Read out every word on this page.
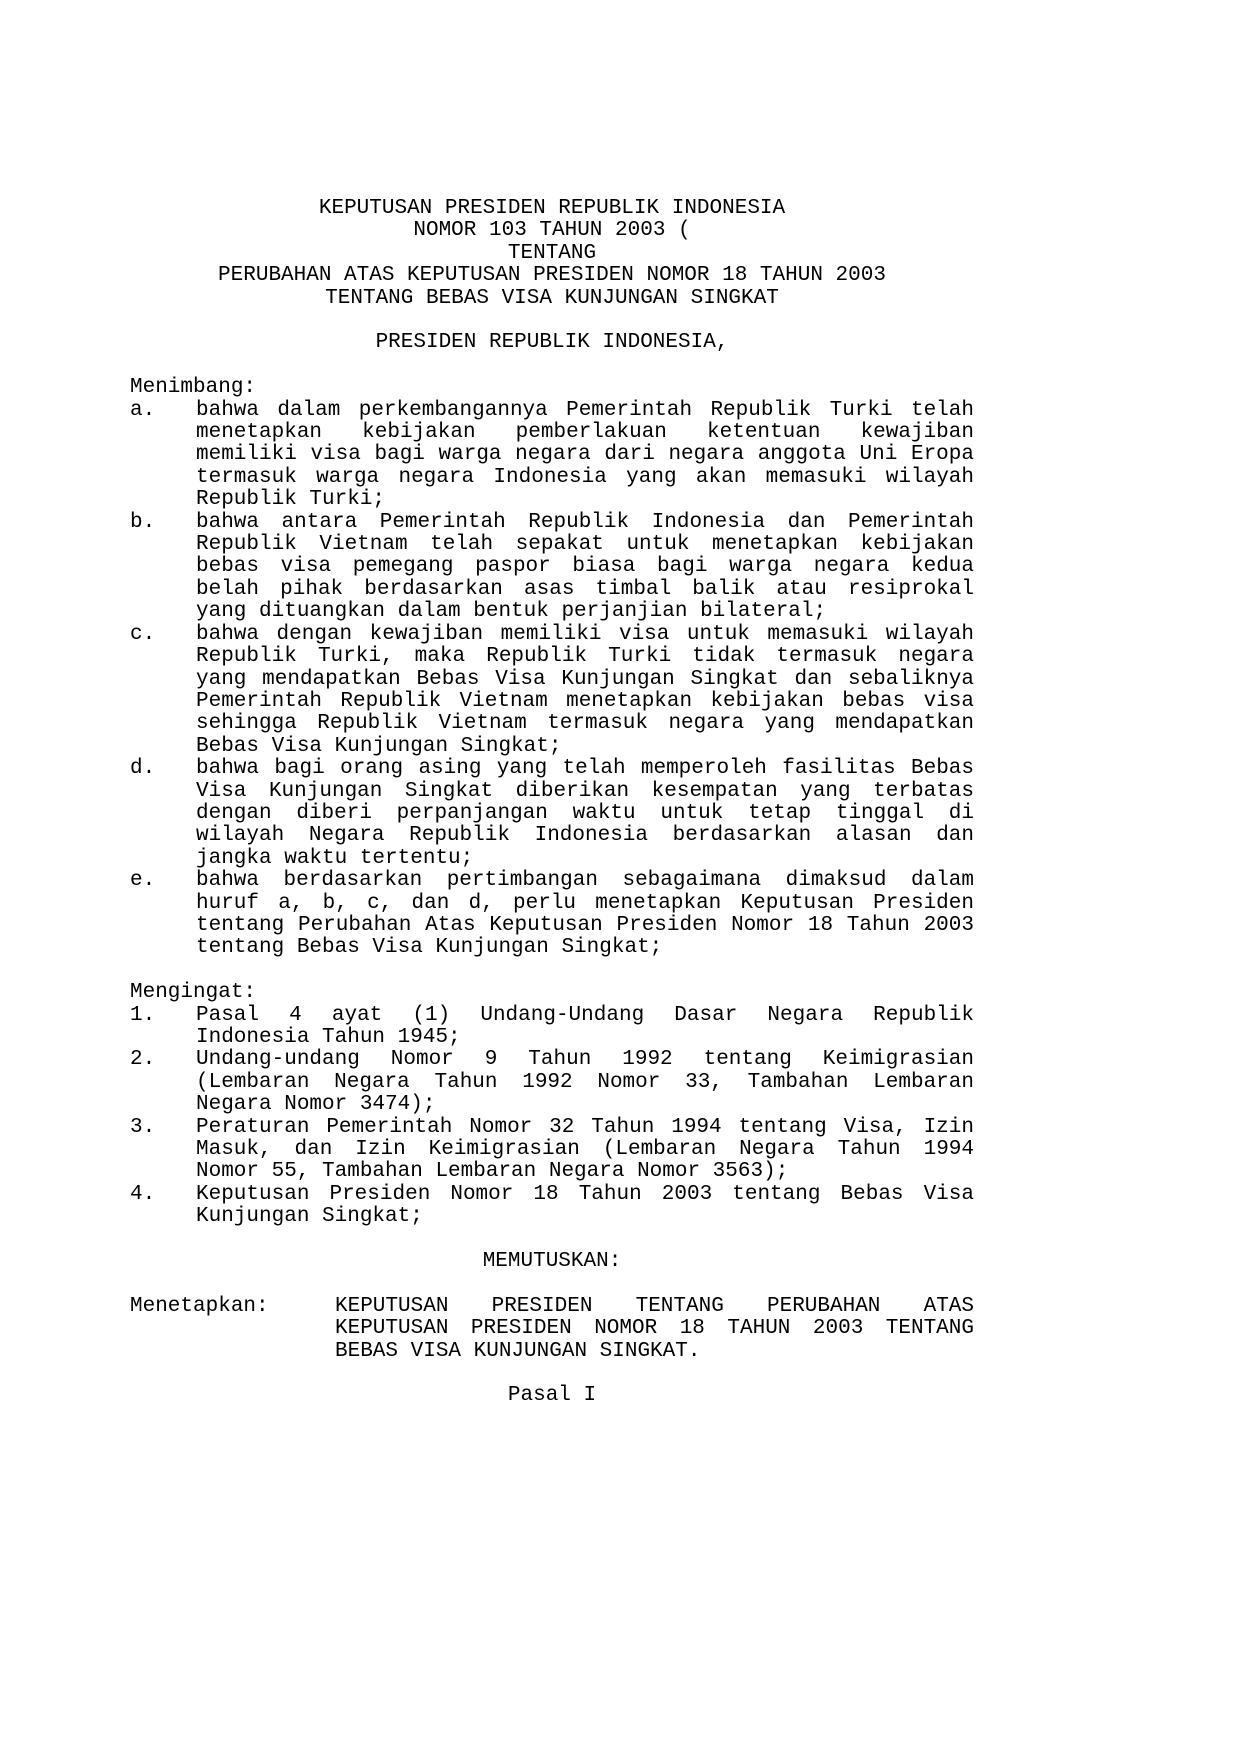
KEPUTUSAN PRESIDEN REPUBLIK INDONESIA
NOMOR 103 TAHUN 2003 (
TENTANG
PERUBAHAN ATAS KEPUTUSAN PRESIDEN NOMOR 18 TAHUN 2003
TENTANG BEBAS VISA KUNJUNGAN SINGKAT
PRESIDEN REPUBLIK INDONESIA,
Menimbang:
a.	bahwa dalam perkembangannya Pemerintah Republik Turki telah menetapkan kebijakan pemberlakuan ketentuan kewajiban memiliki visa bagi warga negara dari negara anggota Uni Eropa termasuk warga negara Indonesia yang akan memasuki wilayah Republik Turki;
b.	bahwa antara Pemerintah Republik Indonesia dan Pemerintah Republik Vietnam telah sepakat untuk menetapkan kebijakan bebas visa pemegang paspor biasa bagi warga negara kedua belah pihak berdasarkan asas timbal balik atau resiprokal yang dituangkan dalam bentuk perjanjian bilateral;
c.	bahwa dengan kewajiban memiliki visa untuk memasuki wilayah Republik Turki, maka Republik Turki tidak termasuk negara yang mendapatkan Bebas Visa Kunjungan Singkat dan sebaliknya Pemerintah Republik Vietnam menetapkan kebijakan bebas visa sehingga Republik Vietnam termasuk negara yang mendapatkan Bebas Visa Kunjungan Singkat;
d.	bahwa bagi orang asing yang telah memperoleh fasilitas Bebas Visa Kunjungan Singkat diberikan kesempatan yang terbatas dengan diberi perpanjangan waktu untuk tetap tinggal di wilayah Negara Republik Indonesia berdasarkan alasan dan jangka waktu tertentu;
e.	bahwa berdasarkan pertimbangan sebagaimana dimaksud dalam huruf a, b, c, dan d, perlu menetapkan Keputusan Presiden tentang Perubahan Atas Keputusan Presiden Nomor 18 Tahun 2003 tentang Bebas Visa Kunjungan Singkat;
Mengingat:
1.	Pasal 4 ayat (1) Undang-Undang Dasar Negara Republik Indonesia Tahun 1945;
2.	Undang-undang Nomor 9 Tahun 1992 tentang Keimigrasian (Lembaran Negara Tahun 1992 Nomor 33, Tambahan Lembaran Negara Nomor 3474);
3.	Peraturan Pemerintah Nomor 32 Tahun 1994 tentang Visa, Izin Masuk, dan Izin Keimigrasian (Lembaran Negara Tahun 1994 Nomor 55, Tambahan Lembaran Negara Nomor 3563);
4.	Keputusan Presiden Nomor 18 Tahun 2003 tentang Bebas Visa Kunjungan Singkat;
MEMUTUSKAN:
Menetapkan:	KEPUTUSAN PRESIDEN TENTANG PERUBAHAN ATAS KEPUTUSAN PRESIDEN NOMOR 18 TAHUN 2003 TENTANG BEBAS VISA KUNJUNGAN SINGKAT.
Pasal I
